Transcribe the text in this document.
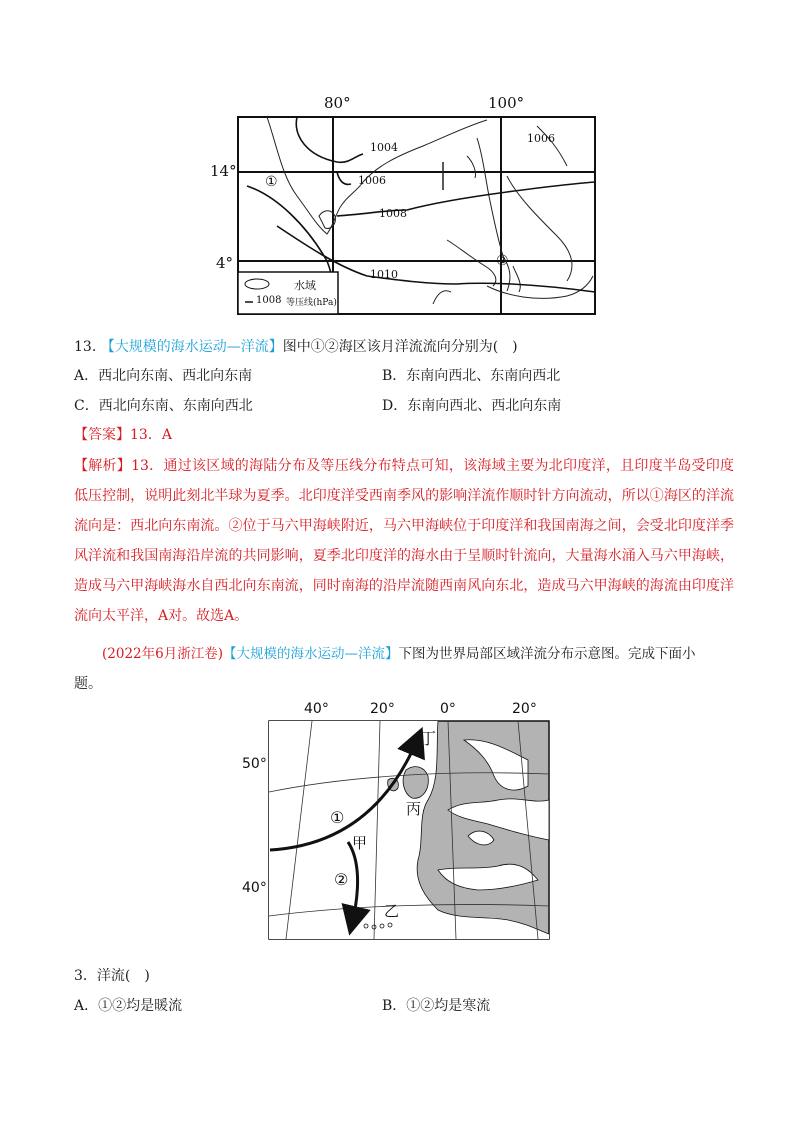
80°	100°
14°
4°
1004
1006
1008
1010
1006
①
②
水域
1008 等压线(hPa)
13. 【大规模的海水运动—洋流】图中①②海区该月洋流流向分别为(　)
A．西北向东南、西北向东南	B．东南向西北、东南向西北
C．西北向东南、东南向西北	D．东南向西北、西北向东南
【答案】13．A
【解析】13．通过该区域的海陆分布及等压线分布特点可知，该海域主要为北印度洋，且印度半岛受印度低压控制，说明此刻北半球为夏季。北印度洋受西南季风的影响洋流作顺时针方向流动，所以①海区的洋流流向是：西北向东南流。②位于马六甲海峡附近，马六甲海峡位于印度洋和我国南海之间，会受北印度洋季风洋流和我国南海沿岸流的共同影响，夏季北印度洋的海水由于呈顺时针流向，大量海水涌入马六甲海峡，造成马六甲海峡海水自西北向东南流，同时南海的沿岸流随西南风向东北，造成马六甲海峡的海流由印度洋流向太平洋，A对。故选A。
(2022年6月浙江卷)【大规模的海水运动—洋流】下图为世界局部区域洋流分布示意图。完成下面小
题。
40°	20°	0°	20°
50°
40°
丁
丙
甲
乙
①
②
3．洋流(　)
A．①②均是暖流	B．①②均是寒流
